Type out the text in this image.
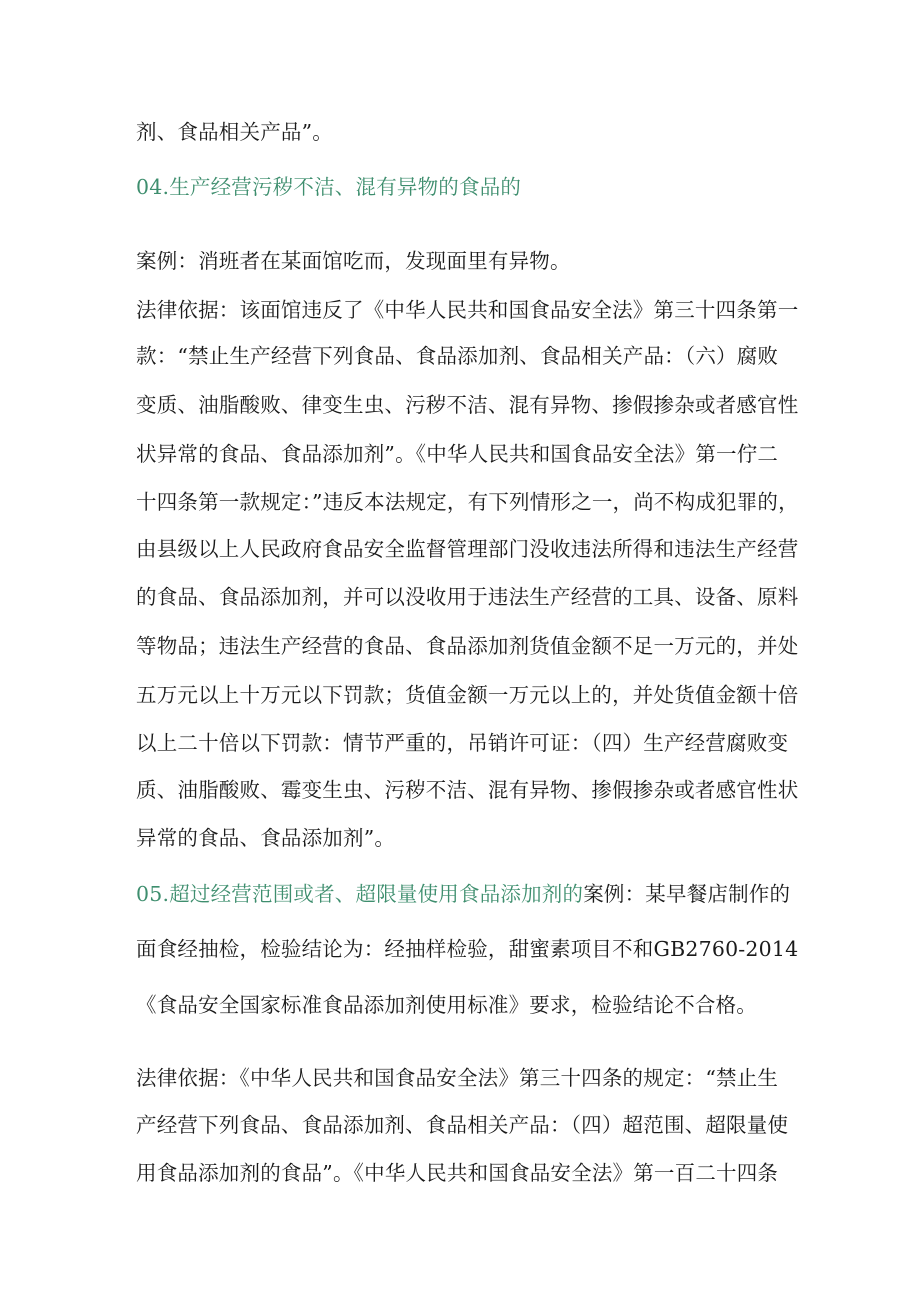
剂、食品相关产品”。
04.生产经营污秽不洁、混有异物的食品的
案例：消班者在某面馆吃而，发现面里有异物。
法律依据：该面馆违反了《中华人民共和国食品安全法》第三十四条第一
款：“禁止生产经营下列食品、食品添加剂、食品相关产品：（六）腐败
变质、油脂酸败、律变生虫、污秽不洁、混有异物、掺假掺杂或者感官性
状异常的食品、食品添加剂”。《中华人民共和国食品安全法》第一佇二
十四条第一款规定：”违反本法规定，有下列情形之一，尚不构成犯罪的，
由县级以上人民政府食品安全监督管理部门没收违法所得和违法生产经营
的食品、食品添加剂，并可以没收用于违法生产经营的工具、设备、原料
等物品；违法生产经营的食品、食品添加剂货值金额不足一万元的，并处
五万元以上十万元以下罚款；货值金额一万元以上的，并处货值金额十倍
以上二十倍以下罚款：情节严重的，吊销许可证：（四）生产经营腐败变
质、油脂酸败、霉变生虫、污秽不洁、混有异物、掺假掺杂或者感官性状
异常的食品、食品添加剂”。
05.超过经营范围或者、超限量使用食品添加剂的案例：某早餐店制作的
面食经抽检，检验结论为：经抽样检验，甜蜜素项目不和GB2760-2014
《食品安全国家标准食品添加剂使用标准》要求，检验结论不合格。
法律依据：《中华人民共和国食品安全法》第三十四条的规定：“禁止生
产经营下列食品、食品添加剂、食品相关产品：（四）超范围、超限量使
用食品添加剂的食品”。《中华人民共和国食品安全法》第一百二十四条
